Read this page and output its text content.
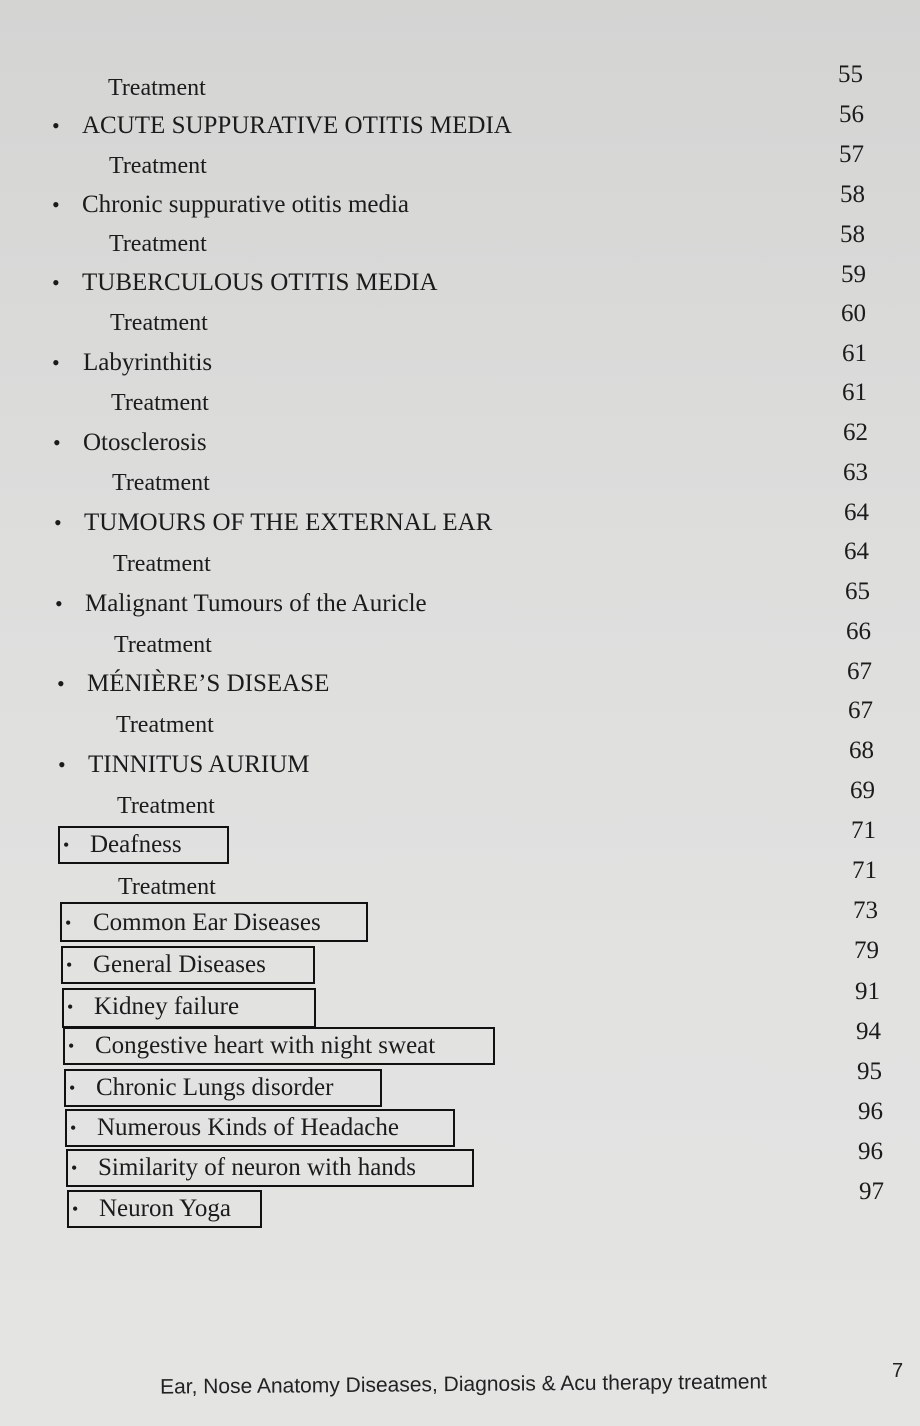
Treatment
• ACUTE SUPPURATIVE OTITIS MEDIA
Treatment
• Chronic suppurative otitis media
Treatment
• TUBERCULOUS OTITIS MEDIA
Treatment
• Labyrinthitis
Treatment
• Otosclerosis
Treatment
• TUMOURS OF THE EXTERNAL EAR
Treatment
• Malignant Tumours of the Auricle
Treatment
• MÉNIÈRE’S DISEASE
Treatment
• TINNITUS AURIUM
Treatment
• Deafness
Treatment
• Common Ear Diseases
• General Diseases
• Kidney failure
• Congestive heart with night sweat
• Chronic Lungs disorder
• Numerous Kinds of Headache
• Similarity of neuron with hands
• Neuron Yoga
55
56
57
58
58
59
60
61
61
62
63
64
64
65
66
67
67
68
69
71
71
73
79
91
94
95
96
96
97
Ear, Nose Anatomy Diseases, Diagnosis & Acu therapy treatment	7
